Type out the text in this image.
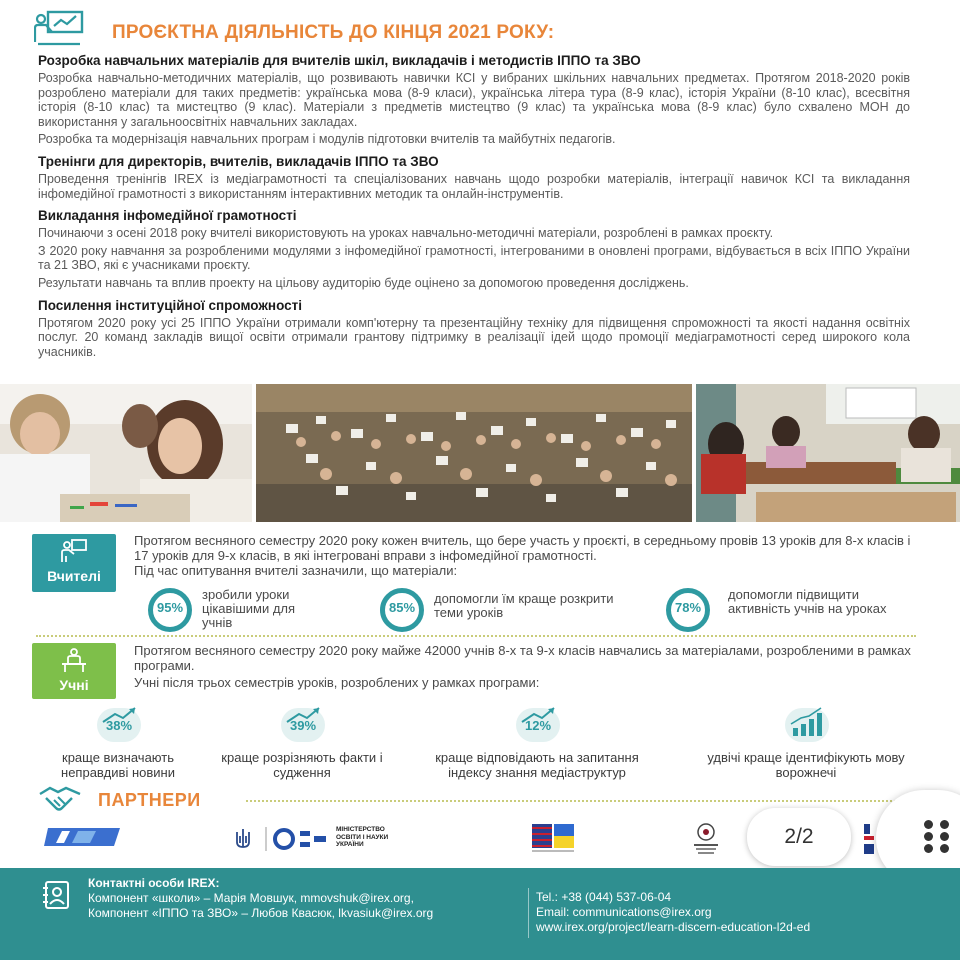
ПРОЄКТНА ДІЯЛЬНІСТЬ ДО КІНЦЯ 2021 РОКУ:
Розробка навчальних матеріалів для вчителів шкіл, викладачів і методистів ІППО та ЗВО
Розробка навчально-методичних матеріалів, що розвивають навички КСІ у вибраних шкільних навчальних предметах. Протягом 2018-2020 років розроблено матеріали для таких предметів: українська мова (8-9 класи), українська літера тура (8-9 клас), історія України (8-10 клас), всесвітня історія (8-10 клас) та мистецтво (9 клас). Матеріали з предметів мистецтво (9 клас) та українська мова (8-9 клас) було схвалено МОН до використання у загальноосвітніх навчальних закладах.
Розробка та модернізація навчальних програм і модулів підготовки вчителів та майбутніх педагогів.
Тренінги для директорів, вчителів, викладачів ІППО та ЗВО
Проведення тренінгів IREX із медіаграмотності та спеціалізованих навчань щодо розробки матеріалів, інтеграції навичок КСІ та викладання інфомедійної грамотності з використанням інтерактивних методик та онлайн-інструментів.
Викладання інфомедійної грамотності
Починаючи з осені 2018 року вчителі використовують на уроках навчально-методичні матеріали, розроблені в рамках проєкту.
З 2020 року навчання за розробленими модулями з інфомедійної грамотності, інтегрованими в оновлені програми, відбувається в всіх ІППО України та 21 ЗВО, які є учасниками проєкту.
Результати навчань та вплив проекту на цільову аудиторію буде оцінено за допомогою проведення досліджень.
Посилення інституційної спроможності
Протягом 2020 року усі 25 ІППО України отримали комп'ютерну та презентаційну техніку для підвищення спроможності та якості надання освітніх послуг. 20 команд закладів вищої освіти отримали грантову підтримку в реалізації ідей щодо промоції медіаграмотності серед широкого кола учасників.
Вчителі
Протягом весняного семестру 2020 року кожен вчитель, що бере участь у проєкті, в середньому провів 13 уроків для 8-х класів і 17 уроків для 9-х класів, в які інтегровані вправи з інфомедійної грамотності.
Під час опитування вчителі зазначили, що матеріали:
95%
зробили уроки цікавішими для учнів
85%
допомогли їм краще розкрити теми уроків	78%
допомогли підвищити активність учнів на уроках
Учні
Протягом весняного семестру 2020 року майже 42000 учнів 8-х та 9-х класів навчались за матеріалами, розробленими в рамках програми.
Учні після трьох семестрів уроків, розроблених у рамках програми:
38%
краще визначають неправдиві новини
39%
краще розрізняють факти і судження
12%
краще відповідають на запитання індексу знання медіаструктур
удвічі краще ідентифікують мову ворожнечі
ПАРТНЕРИ
МІНІСТЕРСТВО ОСВІТИ І НАУКИ УКРАЇНИ	2/2
Контактні особи IREX:
Компонент «школи» – Марія Мовшук, mmovshuk@irex.org,
Компонент «ІППО та ЗВО» – Любов Квасюк, lkvasiuk@irex.org
Tel.: +38 (044) 537-06-04
Email: communications@irex.org
www.irex.org/project/learn-discern-education-l2d-ed
